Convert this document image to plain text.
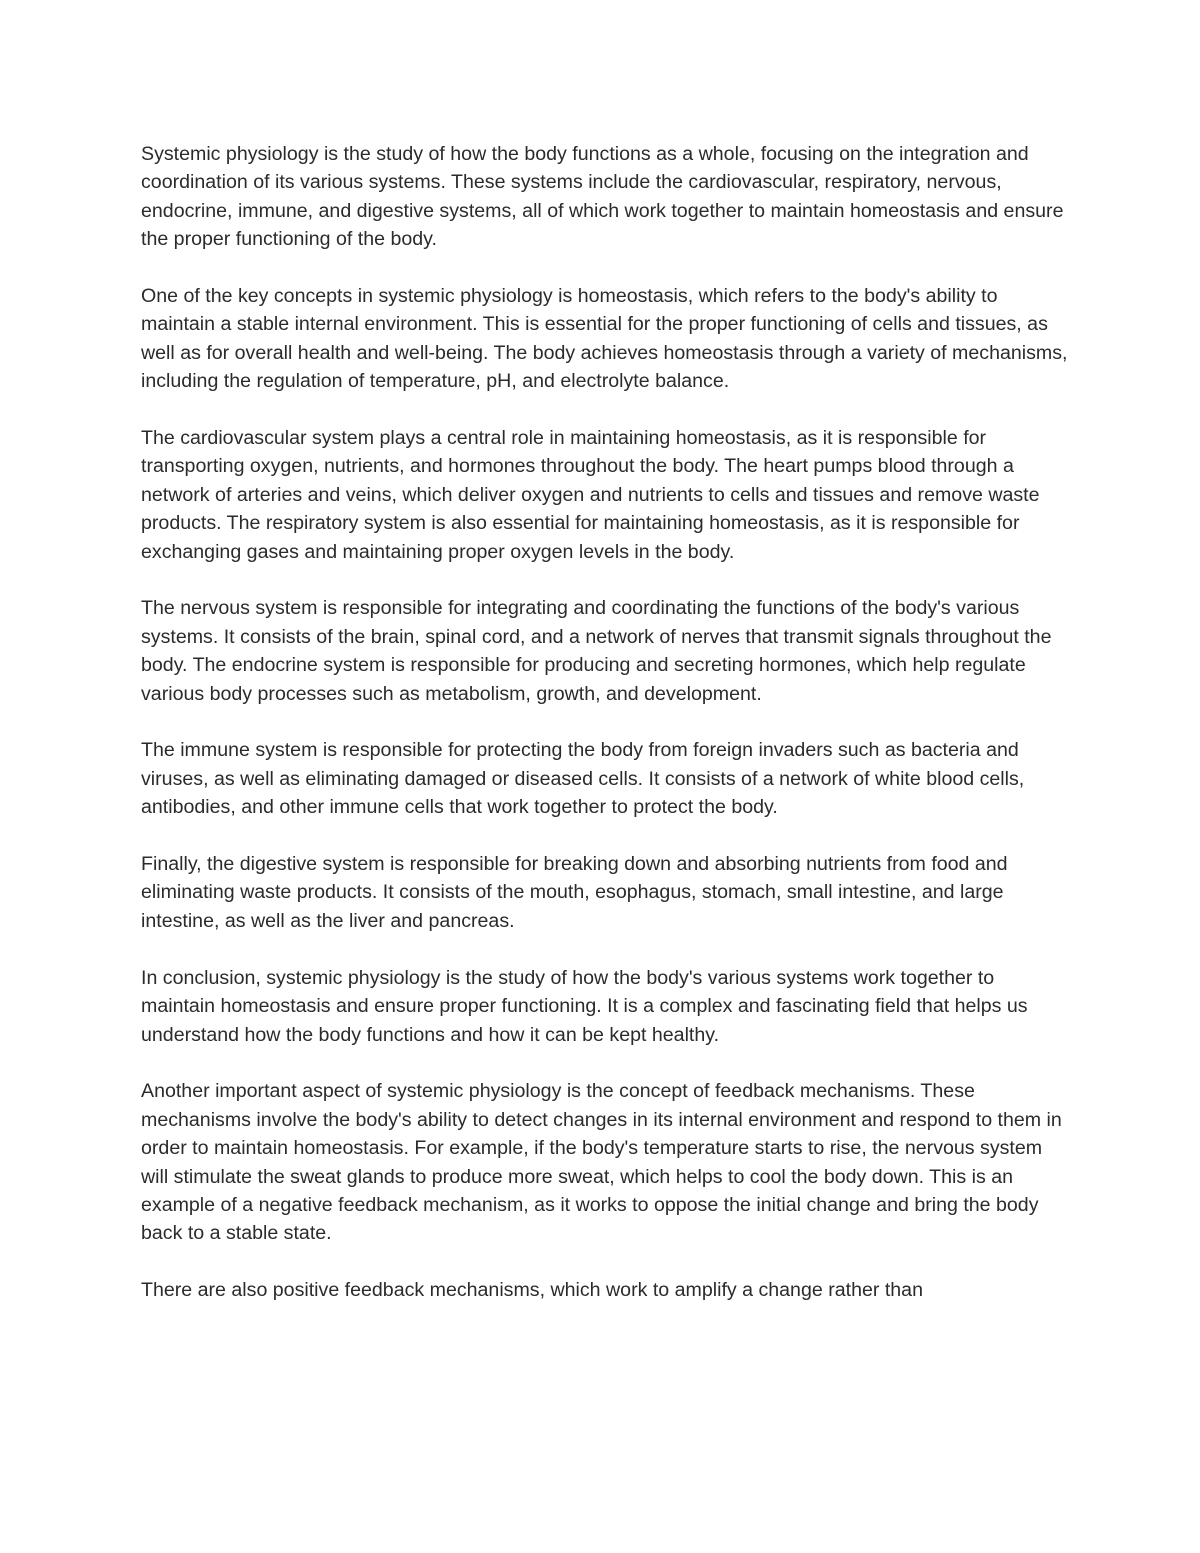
Systemic physiology is the study of how the body functions as a whole, focusing on the integration and coordination of its various systems. These systems include the cardiovascular, respiratory, nervous, endocrine, immune, and digestive systems, all of which work together to maintain homeostasis and ensure the proper functioning of the body.

One of the key concepts in systemic physiology is homeostasis, which refers to the body's ability to maintain a stable internal environment. This is essential for the proper functioning of cells and tissues, as well as for overall health and well-being. The body achieves homeostasis through a variety of mechanisms, including the regulation of temperature, pH, and electrolyte balance.

The cardiovascular system plays a central role in maintaining homeostasis, as it is responsible for transporting oxygen, nutrients, and hormones throughout the body. The heart pumps blood through a network of arteries and veins, which deliver oxygen and nutrients to cells and tissues and remove waste products. The respiratory system is also essential for maintaining homeostasis, as it is responsible for exchanging gases and maintaining proper oxygen levels in the body.

The nervous system is responsible for integrating and coordinating the functions of the body's various systems. It consists of the brain, spinal cord, and a network of nerves that transmit signals throughout the body. The endocrine system is responsible for producing and secreting hormones, which help regulate various body processes such as metabolism, growth, and development.

The immune system is responsible for protecting the body from foreign invaders such as bacteria and viruses, as well as eliminating damaged or diseased cells. It consists of a network of white blood cells, antibodies, and other immune cells that work together to protect the body.

Finally, the digestive system is responsible for breaking down and absorbing nutrients from food and eliminating waste products. It consists of the mouth, esophagus, stomach, small intestine, and large intestine, as well as the liver and pancreas.

In conclusion, systemic physiology is the study of how the body's various systems work together to maintain homeostasis and ensure proper functioning. It is a complex and fascinating field that helps us understand how the body functions and how it can be kept healthy.

Another important aspect of systemic physiology is the concept of feedback mechanisms. These mechanisms involve the body's ability to detect changes in its internal environment and respond to them in order to maintain homeostasis. For example, if the body's temperature starts to rise, the nervous system will stimulate the sweat glands to produce more sweat, which helps to cool the body down. This is an example of a negative feedback mechanism, as it works to oppose the initial change and bring the body back to a stable state.

There are also positive feedback mechanisms, which work to amplify a change rather than
